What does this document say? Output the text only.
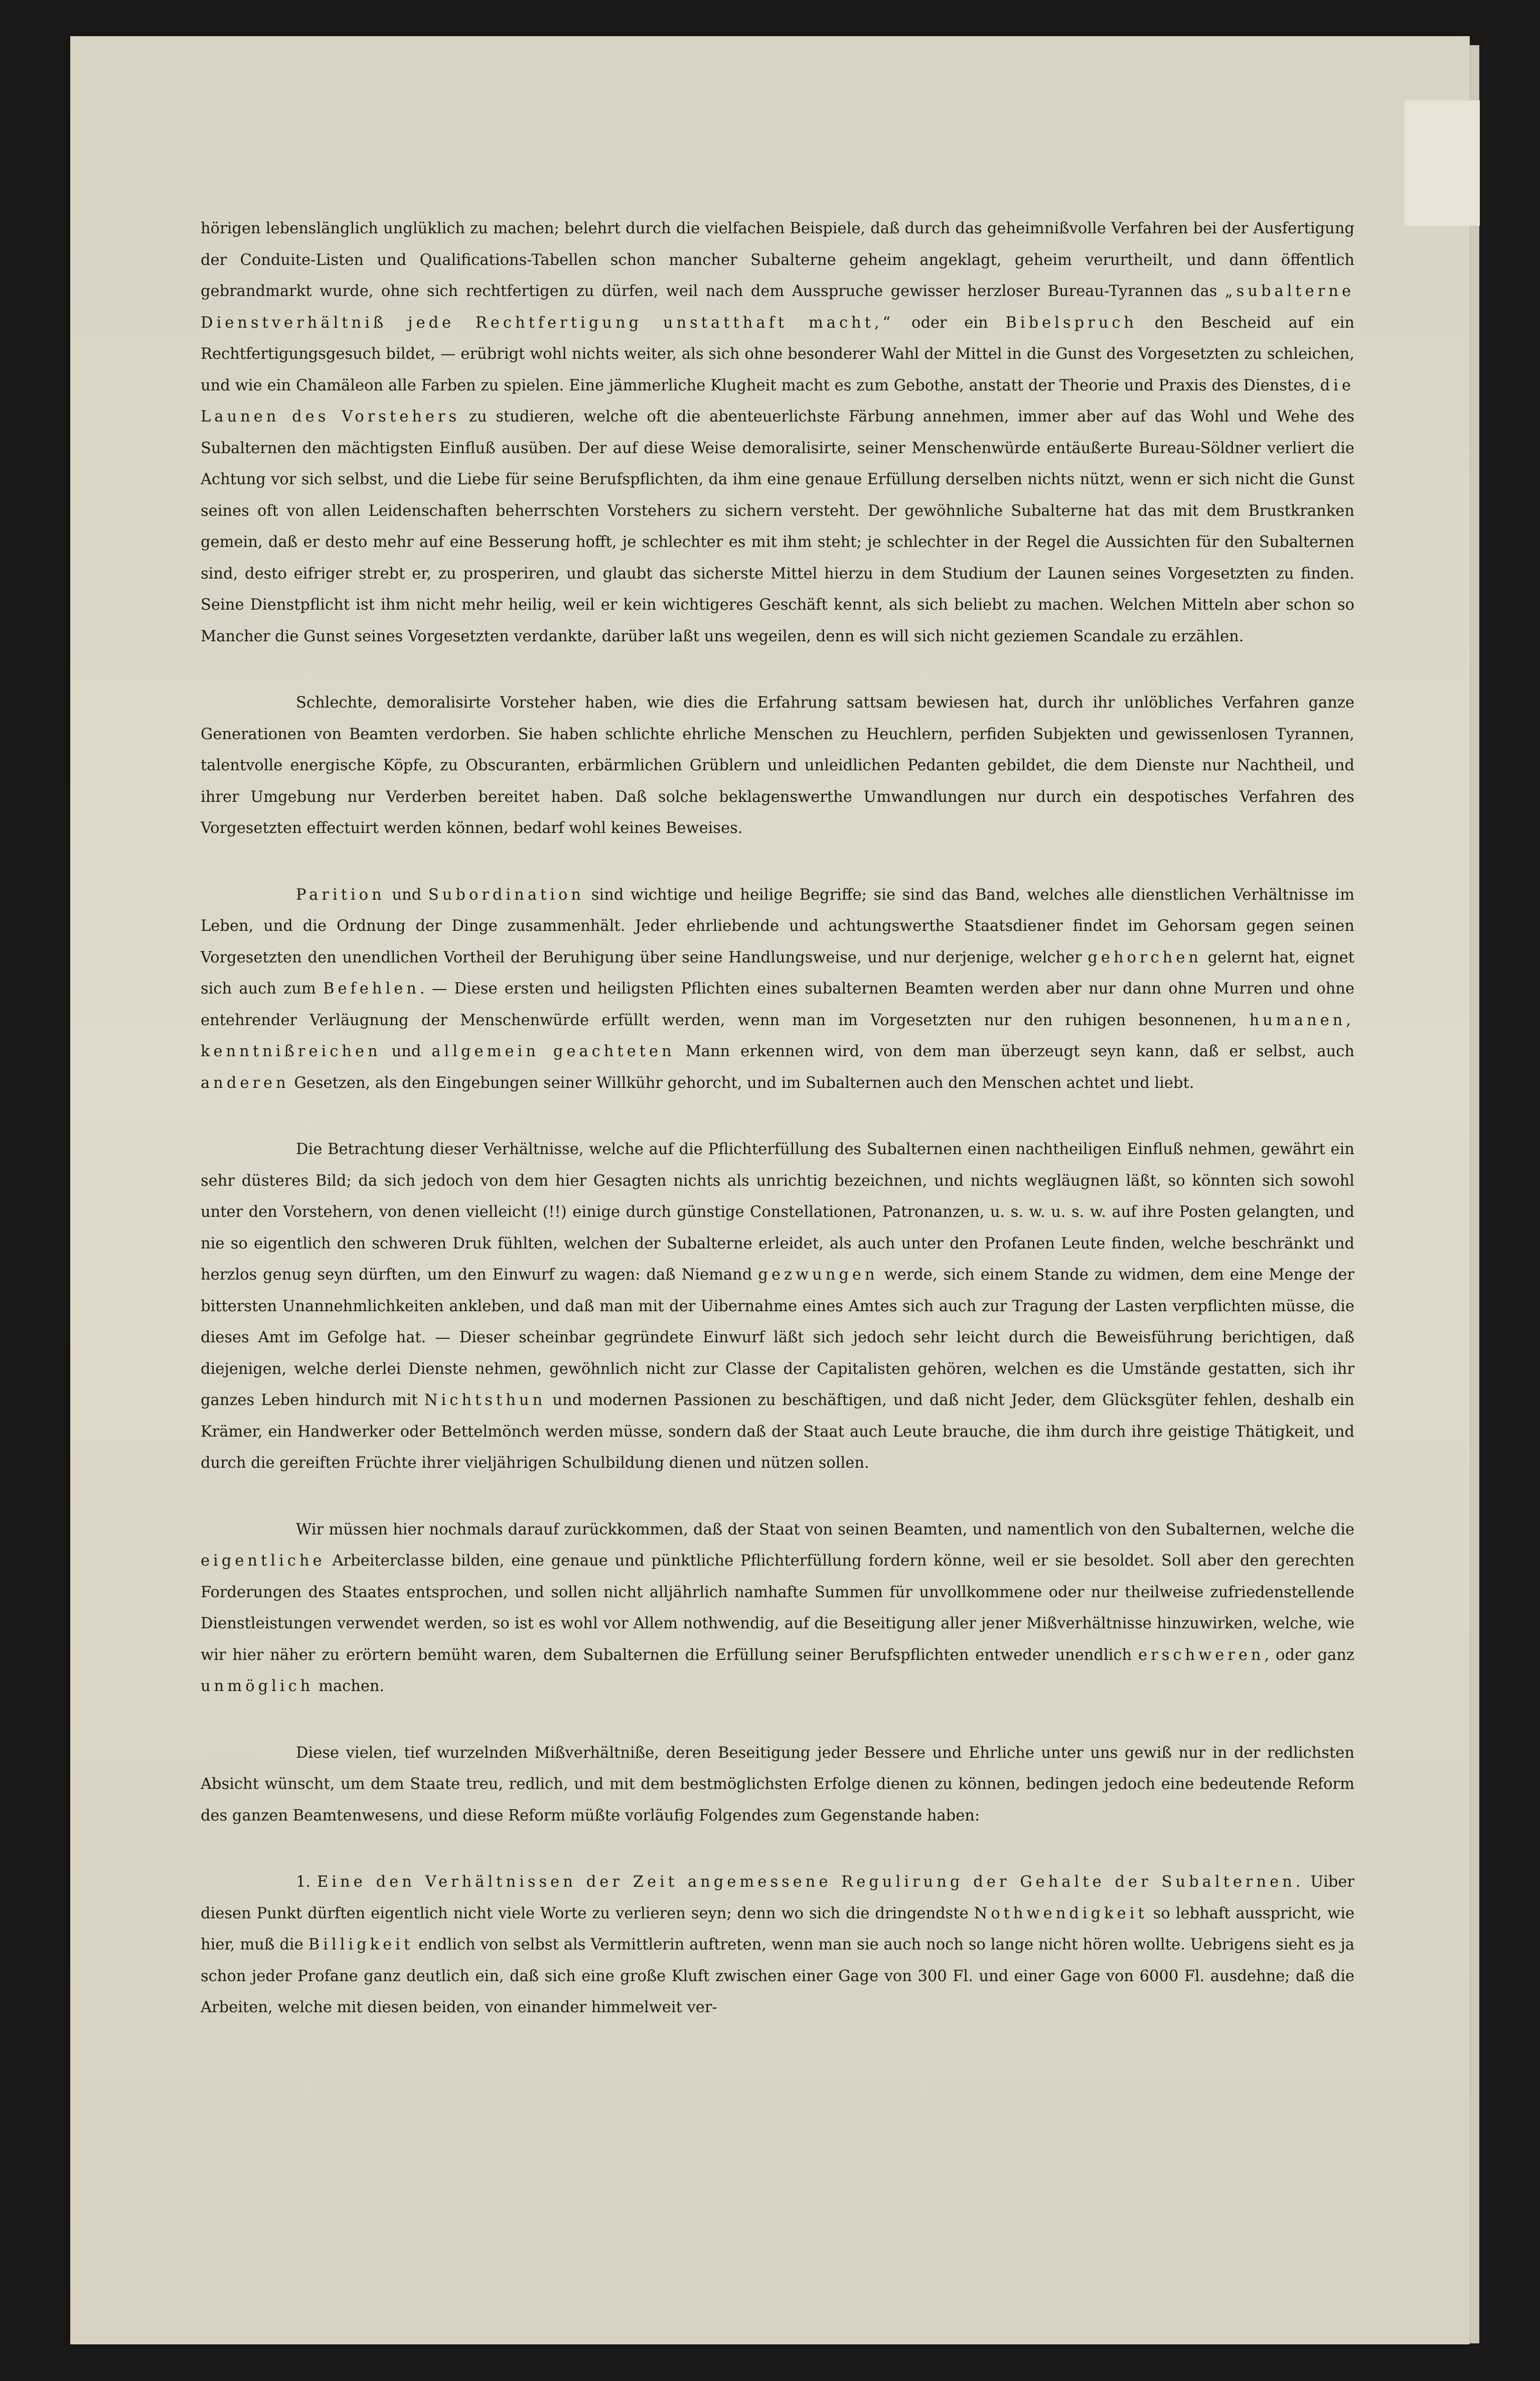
hörigen lebenslänglich unglüklich zu machen; belehrt durch die vielfachen Beispiele, daß durch das geheimnißvolle Verfahren bei der Ausfertigung der Conduite-Listen und Qualifications-Tabellen schon mancher Subalterne geheim angeklagt, geheim verurtheilt, und dann öffentlich gebrandmarkt wurde, ohne sich rechtfertigen zu dürfen, weil nach dem Ausspruche gewisser herzloser Bureau-Tyrannen das „subalterne Dienstverhältniß jede Rechtfertigung unstatthaft macht,“ oder ein Bibelspruch den Bescheid auf ein Rechtfertigungsgesuch bildet, — erübrigt wohl nichts weiter, als sich ohne besonderer Wahl der Mittel in die Gunst des Vorgesetzten zu schleichen, und wie ein Chamäleon alle Farben zu spielen. Eine jämmerliche Klugheit macht es zum Gebothe, anstatt der Theorie und Praxis des Dienstes, die Launen des Vorstehers zu studieren, welche oft die abenteuerlichste Färbung annehmen, immer aber auf das Wohl und Wehe des Subalternen den mächtigsten Einfluß ausüben. Der auf diese Weise demoralisirte, seiner Menschenwürde entäußerte Bureau-Söldner verliert die Achtung vor sich selbst, und die Liebe für seine Berufspflichten, da ihm eine genaue Erfüllung derselben nichts nützt, wenn er sich nicht die Gunst seines oft von allen Leidenschaften beherrschten Vorstehers zu sichern versteht. Der gewöhnliche Subalterne hat das mit dem Brustkranken gemein, daß er desto mehr auf eine Besserung hofft, je schlechter es mit ihm steht; je schlechter in der Regel die Aussichten für den Subalternen sind, desto eifriger strebt er, zu prosperiren, und glaubt das sicherste Mittel hierzu in dem Studium der Launen seines Vorgesetzten zu finden. Seine Dienstpflicht ist ihm nicht mehr heilig, weil er kein wichtigeres Geschäft kennt, als sich beliebt zu machen. Welchen Mitteln aber schon so Mancher die Gunst seines Vorgesetzten verdankte, darüber laßt uns wegeilen, denn es will sich nicht geziemen Scandale zu erzählen.

Schlechte, demoralisirte Vorsteher haben, wie dies die Erfahrung sattsam bewiesen hat, durch ihr unlöbliches Verfahren ganze Generationen von Beamten verdorben. Sie haben schlichte ehrliche Menschen zu Heuchlern, perfiden Subjekten und gewissenlosen Tyrannen, talentvolle energische Köpfe, zu Obscuranten, erbärmlichen Grüblern und unleidlichen Pedanten gebildet, die dem Dienste nur Nachtheil, und ihrer Umgebung nur Verderben bereitet haben. Daß solche beklagenswerthe Umwandlungen nur durch ein despotisches Verfahren des Vorgesetzten effectuirt werden können, bedarf wohl keines Beweises.

Parition und Subordination sind wichtige und heilige Begriffe; sie sind das Band, welches alle dienstlichen Verhältnisse im Leben, und die Ordnung der Dinge zusammenhält. Jeder ehrliebende und achtungswerthe Staatsdiener findet im Gehorsam gegen seinen Vorgesetzten den unendlichen Vortheil der Beruhigung über seine Handlungsweise, und nur derjenige, welcher gehorchen gelernt hat, eignet sich auch zum Befehlen. — Diese ersten und heiligsten Pflichten eines subalternen Beamten werden aber nur dann ohne Murren und ohne entehrender Verläugnung der Menschenwürde erfüllt werden, wenn man im Vorgesetzten nur den ruhigen besonnenen, humanen, kenntnißreichen und allgemein geachteten Mann erkennen wird, von dem man überzeugt seyn kann, daß er selbst, auch anderen Gesetzen, als den Eingebungen seiner Willkühr gehorcht, und im Subalternen auch den Menschen achtet und liebt.

Die Betrachtung dieser Verhältnisse, welche auf die Pflichterfüllung des Subalternen einen nachtheiligen Einfluß nehmen, gewährt ein sehr düsteres Bild; da sich jedoch von dem hier Gesagten nichts als unrichtig bezeichnen, und nichts wegläugnen läßt, so könnten sich sowohl unter den Vorstehern, von denen vielleicht (!!) einige durch günstige Constellationen, Patronanzen, u. s. w. u. s. w. auf ihre Posten gelangten, und nie so eigentlich den schweren Druk fühlten, welchen der Subalterne erleidet, als auch unter den Profanen Leute finden, welche beschränkt und herzlos genug seyn dürften, um den Einwurf zu wagen: daß Niemand gezwungen werde, sich einem Stande zu widmen, dem eine Menge der bittersten Unannehmlichkeiten ankleben, und daß man mit der Uibernahme eines Amtes sich auch zur Tragung der Lasten verpflichten müsse, die dieses Amt im Gefolge hat. — Dieser scheinbar gegründete Einwurf läßt sich jedoch sehr leicht durch die Beweisführung berichtigen, daß diejenigen, welche derlei Dienste nehmen, gewöhnlich nicht zur Classe der Capitalisten gehören, welchen es die Umstände gestatten, sich ihr ganzes Leben hindurch mit Nichtsthun und modernen Passionen zu beschäftigen, und daß nicht Jeder, dem Glücksgüter fehlen, deshalb ein Krämer, ein Handwerker oder Bettelmönch werden müsse, sondern daß der Staat auch Leute brauche, die ihm durch ihre geistige Thätigkeit, und durch die gereiften Früchte ihrer vieljährigen Schulbildung dienen und nützen sollen.

Wir müssen hier nochmals darauf zurückkommen, daß der Staat von seinen Beamten, und namentlich von den Subalternen, welche die eigentliche Arbeiterclasse bilden, eine genaue und pünktliche Pflichterfüllung fordern könne, weil er sie besoldet. Soll aber den gerechten Forderungen des Staates entsprochen, und sollen nicht alljährlich namhafte Summen für unvollkommene oder nur theilweise zufriedenstellende Dienstleistungen verwendet werden, so ist es wohl vor Allem nothwendig, auf die Beseitigung aller jener Mißverhältnisse hinzuwirken, welche, wie wir hier näher zu erörtern bemüht waren, dem Subalternen die Erfüllung seiner Berufspflichten entweder unendlich erschweren, oder ganz unmöglich machen.

Diese vielen, tief wurzelnden Mißverhältniße, deren Beseitigung jeder Bessere und Ehrliche unter uns gewiß nur in der redlichsten Absicht wünscht, um dem Staate treu, redlich, und mit dem bestmöglichsten Erfolge dienen zu können, bedingen jedoch eine bedeutende Reform des ganzen Beamtenwesens, und diese Reform müßte vorläufig Folgendes zum Gegenstande haben:

1. Eine den Verhältnissen der Zeit angemessene Regulirung der Gehalte der Subalternen. Uiber diesen Punkt dürften eigentlich nicht viele Worte zu verlieren seyn; denn wo sich die dringendste Nothwendigkeit so lebhaft ausspricht, wie hier, muß die Billigkeit endlich von selbst als Vermittlerin auftreten, wenn man sie auch noch so lange nicht hören wollte. Uebrigens sieht es ja schon jeder Profane ganz deutlich ein, daß sich eine große Kluft zwischen einer Gage von 300 Fl. und einer Gage von 6000 Fl. ausdehne; daß die Arbeiten, welche mit diesen beiden, von einander himmelweit ver-
